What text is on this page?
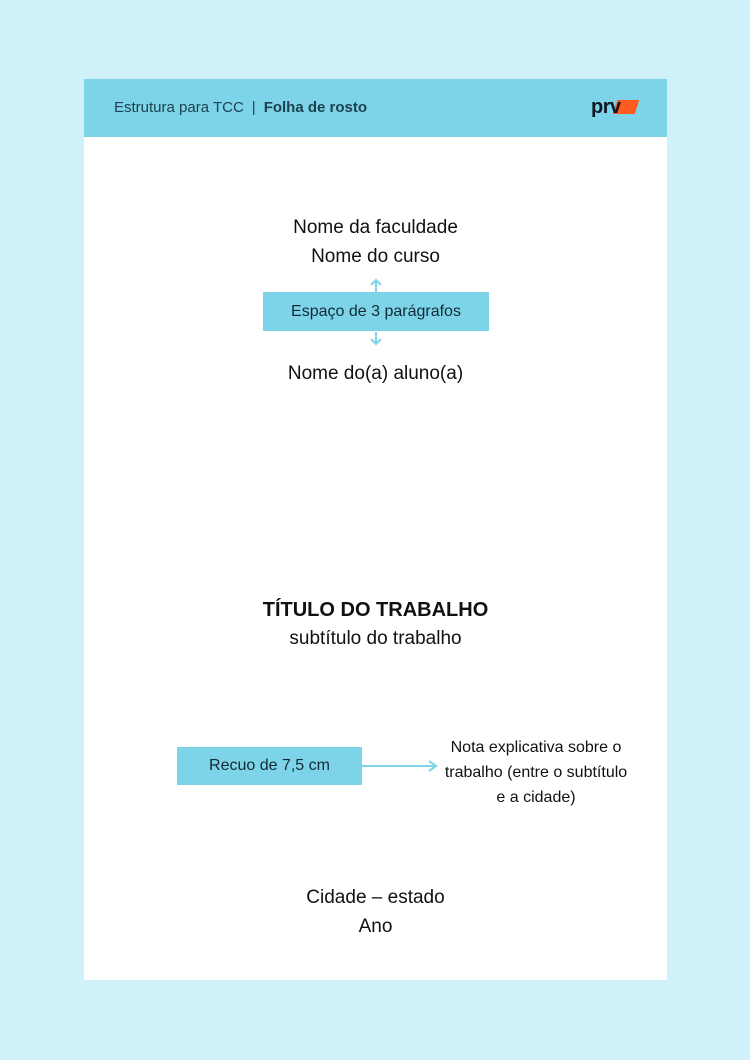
Estrutura para TCC | Folha de rosto	prv
Nome da faculdade
Nome do curso
Espaço de 3 parágrafos
Nome do(a) aluno(a)
TÍTULO DO TRABALHO
subtítulo do trabalho
Recuo de 7,5 cm
Nota explicativa sobre o trabalho (entre o subtítulo e a cidade)
Cidade – estado
Ano
